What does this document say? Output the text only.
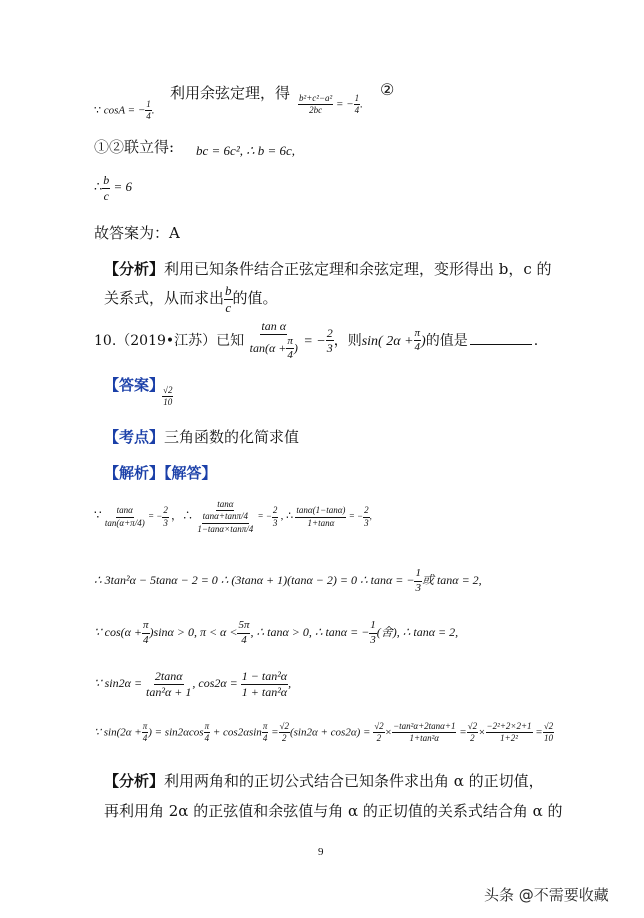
∵ cosA = − $\frac{1}{4}$ .
利用余弦定理，得
$\frac{\text{b²+c²−a²}}{2bc}$ = − $\frac{1}{4}$ .
②
①②联立得: bc = 6c², ∴ b = 6c,
∴ $\frac{b}{c} = 6$
故答案为：A
【分析】利用已知条件结合正弦定理和余弦定理，变形得出 b，c 的
关系式，从而求出 $\frac{b}{c}$ 的值。
10.（2019•江苏）已知 $\frac{\text{tan α}}{\tan(\alpha + \frac{\pi}{4} )}$ = − $\frac{2}{3}$ ，则sin( $2\alpha + \frac{\pi}{4}$ )的值是	.
【答案】
$\frac{√2}{10}$
【考点】三角函数的化简求值
【解析】【解答】
∵ $\frac{\tan\alpha}{\tan(\alpha+\pi/4)}$ = − $\frac{2}{3}$ ，∴ $\frac{\tan\alpha}{\frac{\tan\alpha+\tan\pi/4}{1-\tan\alpha\times\tan\pi/4}}$ = − $\frac{2}{3}$ , ∴ $\frac{\tan\alpha(1-\tan\alpha)}{1+\tan\alpha}$ = − $\frac{2}{3}$ ,
∴ 3tan²α − 5tanα − 2 = 0 ∴ (3tanα + 1)(tanα − 2) = 0 ∴ tanα = − $\frac{1}{3}$ 或 tanα = 2,
∵ $\cos(\alpha + \frac{\pi}{4} )\sin\alpha > 0$, $\pi < \alpha < \frac{5\pi}{4}$ , ∴ tanα > 0, ∴ tanα = − $\frac{1}{3}$ (舍), ∴ tanα = 2,
∵ $\sin 2\alpha = \frac{2\tan\alpha}{\text{tan²α + 1}}$ , $\cos 2\alpha = \frac{\text{1 − tan²α}}{\text{1 + tan²α}}$ ,
∵ $\sin(2\alpha + \frac{\pi}{4}$ ) = $\sin 2\alpha\cos \frac{\pi}{4} + \cos 2\alpha\sin \frac{\pi}{4} = \frac{√2}{2} (\sin 2\alpha + \cos 2\alpha) = \frac{√2}{2} \times \frac{\text{−tan²α+2tanα+1}}{\text{1+tan²α}} = \frac{√2}{2} \times \frac{\text{−2²+2×2+1}}{\text{1+2²}} = \frac{√2}{10}$
【分析】利用两角和的正切公式结合已知条件求出角 α 的正切值，
再利用角 2α 的正弦值和余弦值与角 α 的正切值的关系式结合角 α 的
9
头条 @不需要收藏
